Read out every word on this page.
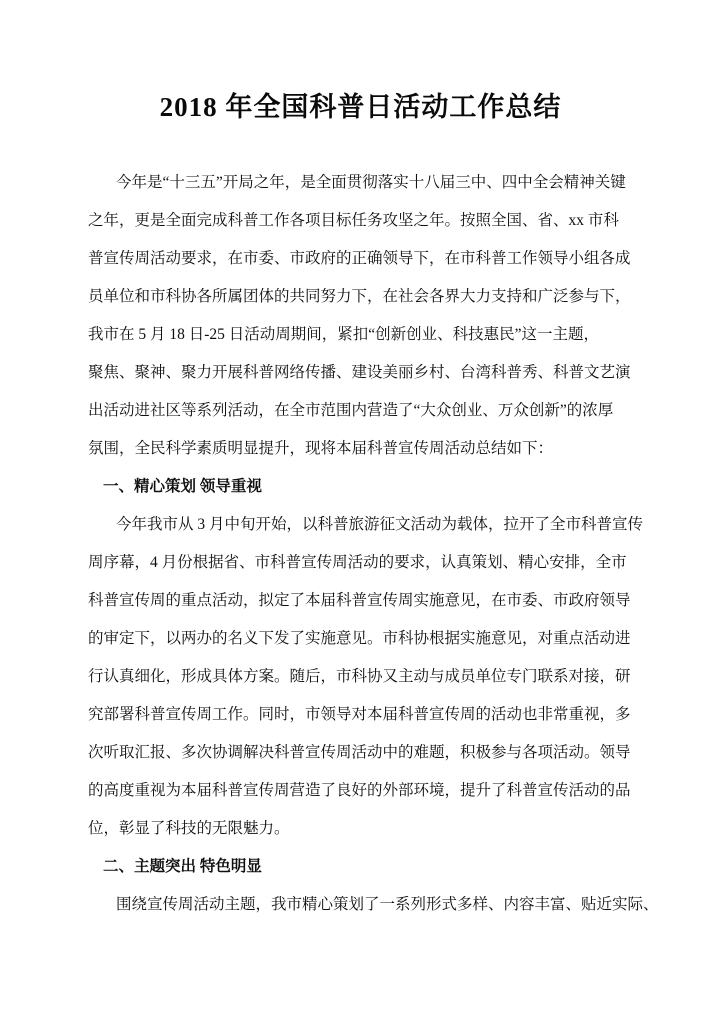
2018 年全国科普日活动工作总结
今年是“十三五”开局之年，是全面贯彻落实十八届三中、四中全会精神关键
之年，更是全面完成科普工作各项目标任务攻坚之年。按照全国、省、xx 市科
普宣传周活动要求，在市委、市政府的正确领导下，在市科普工作领导小组各成
员单位和市科协各所属团体的共同努力下，在社会各界大力支持和广泛参与下，
我市在 5 月 18 日-25 日活动周期间，紧扣“创新创业、科技惠民”这一主题，
聚焦、聚神、聚力开展科普网络传播、建设美丽乡村、台湾科普秀、科普文艺演
出活动进社区等系列活动，在全市范围内营造了“大众创业、万众创新”的浓厚
氛围，全民科学素质明显提升，现将本届科普宣传周活动总结如下：
一、精心策划 领导重视
今年我市从 3 月中旬开始，以科普旅游征文活动为载体，拉开了全市科普宣传
周序幕，4 月份根据省、市科普宣传周活动的要求，认真策划、精心安排，全市
科普宣传周的重点活动，拟定了本届科普宣传周实施意见，在市委、市政府领导
的审定下，以两办的名义下发了实施意见。市科协根据实施意见，对重点活动进
行认真细化，形成具体方案。随后，市科协又主动与成员单位专门联系对接，研
究部署科普宣传周工作。同时，市领导对本届科普宣传周的活动也非常重视，多
次听取汇报、多次协调解决科普宣传周活动中的难题，积极参与各项活动。领导
的高度重视为本届科普宣传周营造了良好的外部环境，提升了科普宣传活动的品
位，彰显了科技的无限魅力。
二、主题突出 特色明显
围绕宣传周活动主题，我市精心策划了一系列形式多样、内容丰富、贴近实际、
